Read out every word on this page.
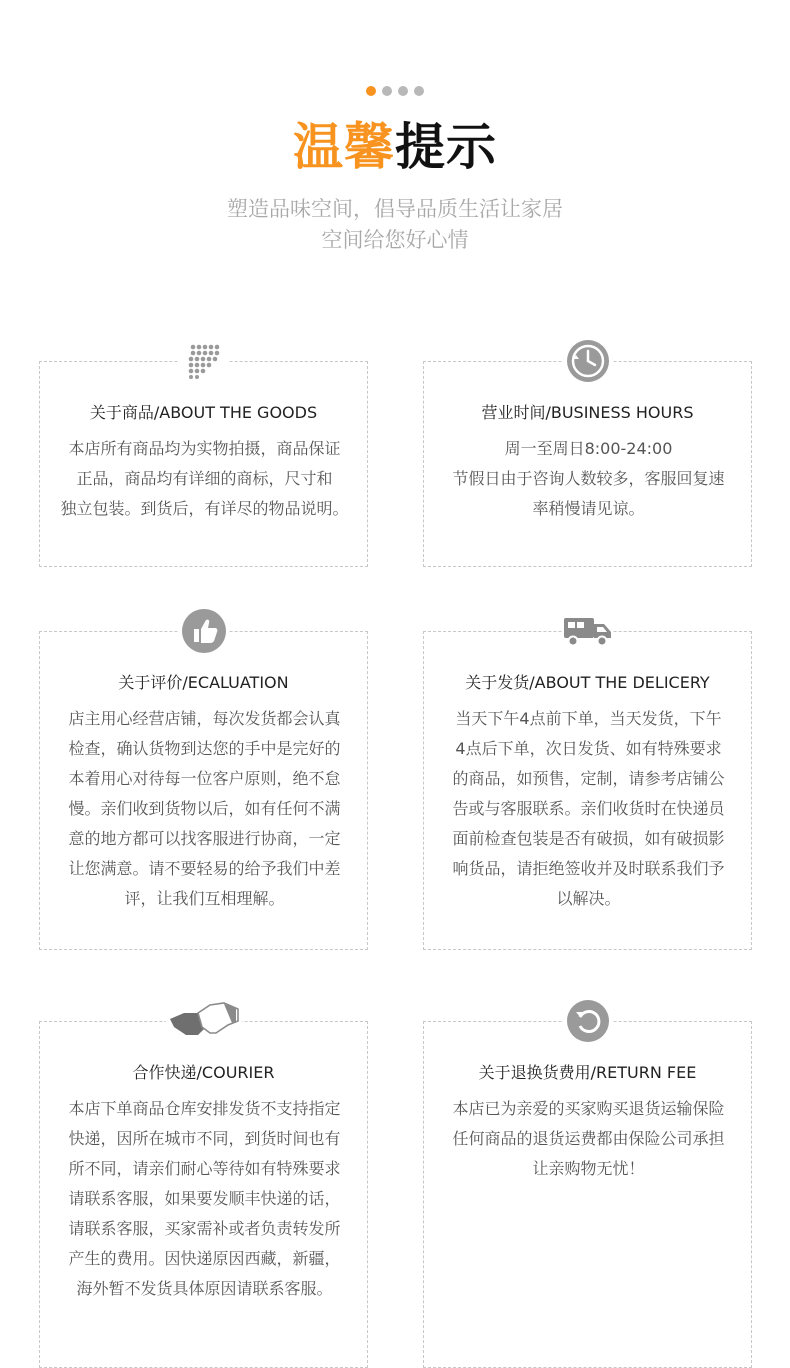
温馨提示
塑造品味空间，倡导品质生活让家居
空间给您好心情
关于商品/ABOUT THE GOODS
本店所有商品均为实物拍摄，商品保证
正品，商品均有详细的商标，尺寸和
独立包装。到货后，有详尽的物品说明。
营业时间/BUSINESS HOURS
周一至周日8:00-24:00
节假日由于咨询人数较多，客服回复速
率稍慢请见谅。
关于评价/ECALUATION
店主用心经营店铺，每次发货都会认真
检查，确认货物到达您的手中是完好的
本着用心对待每一位客户原则，绝不怠
慢。亲们收到货物以后，如有任何不满
意的地方都可以找客服进行协商，一定
让您满意。请不要轻易的给予我们中差
评，让我们互相理解。
关于发货/ABOUT THE DELICERY
当天下午4点前下单，当天发货，下午
4点后下单，次日发货、如有特殊要求
的商品，如预售，定制，请参考店铺公
告或与客服联系。亲们收货时在快递员
面前检查包装是否有破损，如有破损影
响货品，请拒绝签收并及时联系我们予
以解决。
合作快递/COURIER
本店下单商品仓库安排发货不支持指定
快递，因所在城市不同，到货时间也有
所不同，请亲们耐心等待如有特殊要求
请联系客服，如果要发顺丰快递的话，
请联系客服，买家需补或者负责转发所
产生的费用。因快递原因西藏，新疆，
海外暂不发货具体原因请联系客服。
关于退换货费用/RETURN FEE
本店已为亲爱的买家购买退货运输保险
任何商品的退货运费都由保险公司承担
让亲购物无忧！
